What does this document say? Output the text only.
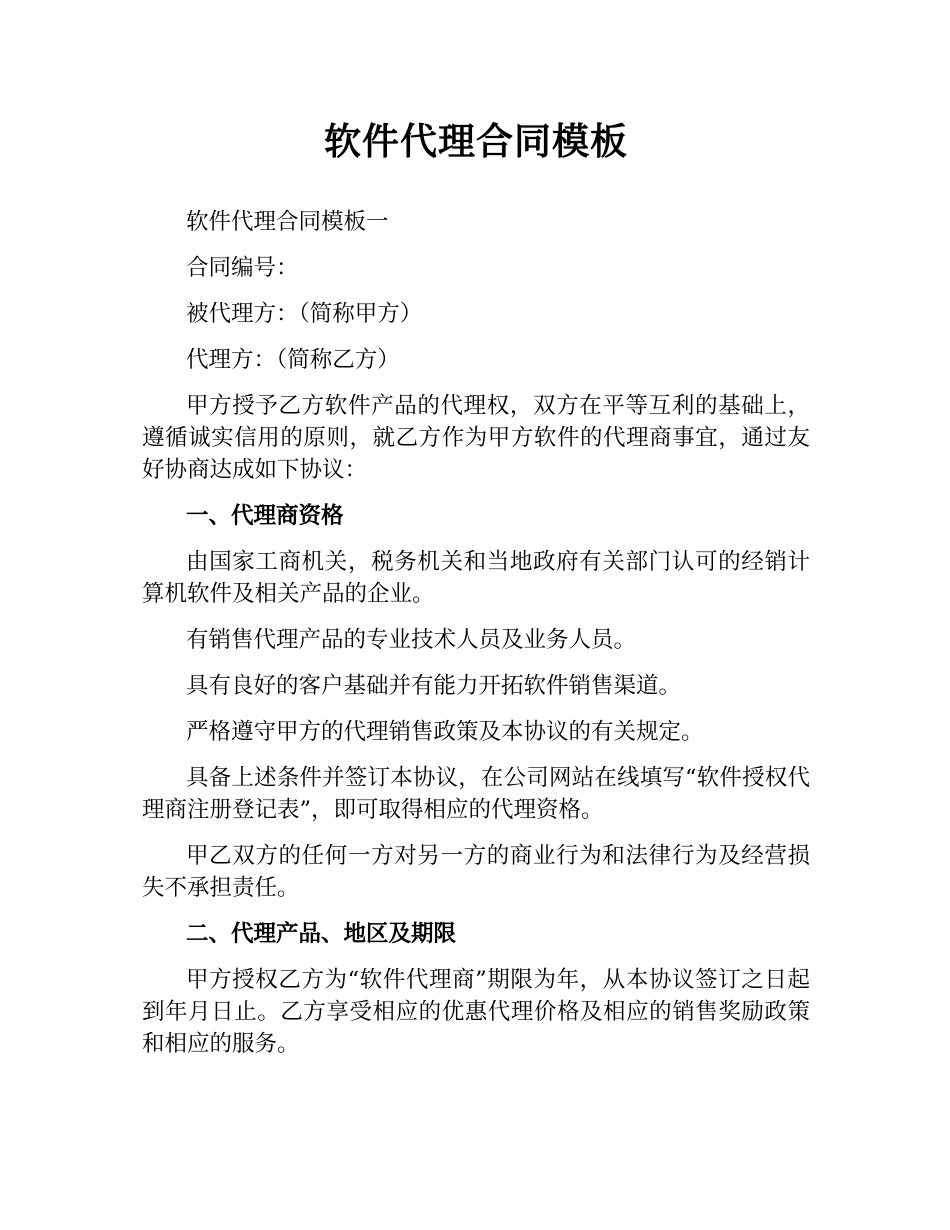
软件代理合同模板

软件代理合同模板一

合同编号：

被代理方：（简称甲方）

代理方：（简称乙方）

甲方授予乙方软件产品的代理权，双方在平等互利的基础上，遵循诚实信用的原则，就乙方作为甲方软件的代理商事宜，通过友好协商达成如下协议：

一、代理商资格

由国家工商机关，税务机关和当地政府有关部门认可的经销计算机软件及相关产品的企业。

有销售代理产品的专业技术人员及业务人员。

具有良好的客户基础并有能力开拓软件销售渠道。

严格遵守甲方的代理销售政策及本协议的有关规定。

具备上述条件并签订本协议，在公司网站在线填写“软件授权代理商注册登记表”，即可取得相应的代理资格。

甲乙双方的任何一方对另一方的商业行为和法律行为及经营损失不承担责任。

二、代理产品、地区及期限

甲方授权乙方为“软件代理商”期限为年，从本协议签订之日起到年月日止。乙方享受相应的优惠代理价格及相应的销售奖励政策和相应的服务。
